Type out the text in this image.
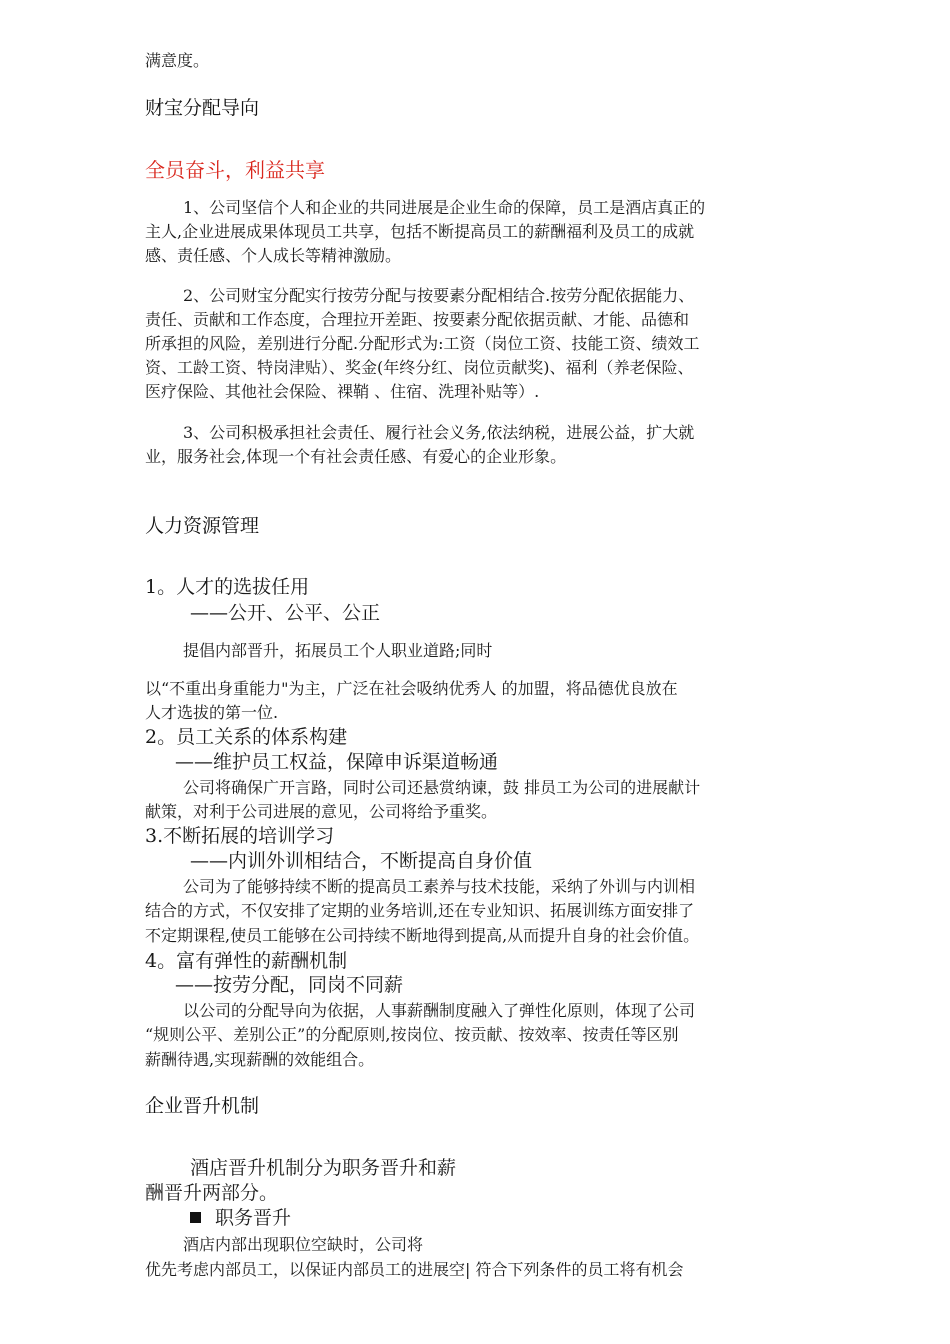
满意度。
财宝分配导向
全员奋斗，利益共享
1、公司坚信个人和企业的共同进展是企业生命的保障，员工是酒店真正的
主人,企业进展成果体现员工共享，包括不断提高员工的薪酬福利及员工的成就
感、责任感、个人成长等精神激励。
2、公司财宝分配实行按劳分配与按要素分配相结合.按劳分配依据能力、
责任、贡献和工作态度，合理拉开差距、按要素分配依据贡献、才能、品德和
所承担的风险，差别进行分配.分配形式为:工资（岗位工资、技能工资、绩效工
资、工龄工资、特岗津贴）、奖金(年终分红、岗位贡献奖)、福利（养老保险、
医疗保险、其他社会保险、裸鞘 、住宿、洗理补贴等）.
3、公司积极承担社会责任、履行社会义务,依法纳税，进展公益，扩大就
业，服务社会,体现一个有社会责任感、有爱心的企业形象。
人力资源管理
1。人才的选拔任用
——公开、公平、公正
提倡内部晋升，拓展员工个人职业道路;同时
以“不重出身重能力"为主，广泛在社会吸纳优秀人 的加盟，将品德优良放在
人才选拔的第一位.
2。员工关系的体系构建
——维护员工权益，保障申诉渠道畅通
公司将确保广开言路，同时公司还悬赏纳谏，鼓 排员工为公司的进展献计
献策，对利于公司进展的意见，公司将给予重奖。
3.不断拓展的培训学习
——内训外训相结合，不断提高自身价值
公司为了能够持续不断的提高员工素养与技术技能，采纳了外训与内训相
结合的方式，不仅安排了定期的业务培训,还在专业知识、拓展训练方面安排了
不定期课程,使员工能够在公司持续不断地得到提高,从而提升自身的社会价值。
4。富有弹性的薪酬机制
——按劳分配，同岗不同薪
以公司的分配导向为依据，人事薪酬制度融入了弹性化原则，体现了公司
“规则公平、差别公正”的分配原则,按岗位、按贡献、按效率、按责任等区别
薪酬待遇,实现薪酬的效能组合。
企业晋升机制
酒店晋升机制分为职务晋升和薪
酬晋升两部分。
职务晋升
酒店内部出现职位空缺时，公司将
优先考虑内部员工，以保证内部员工的进展空| 符合下列条件的员工将有机会
